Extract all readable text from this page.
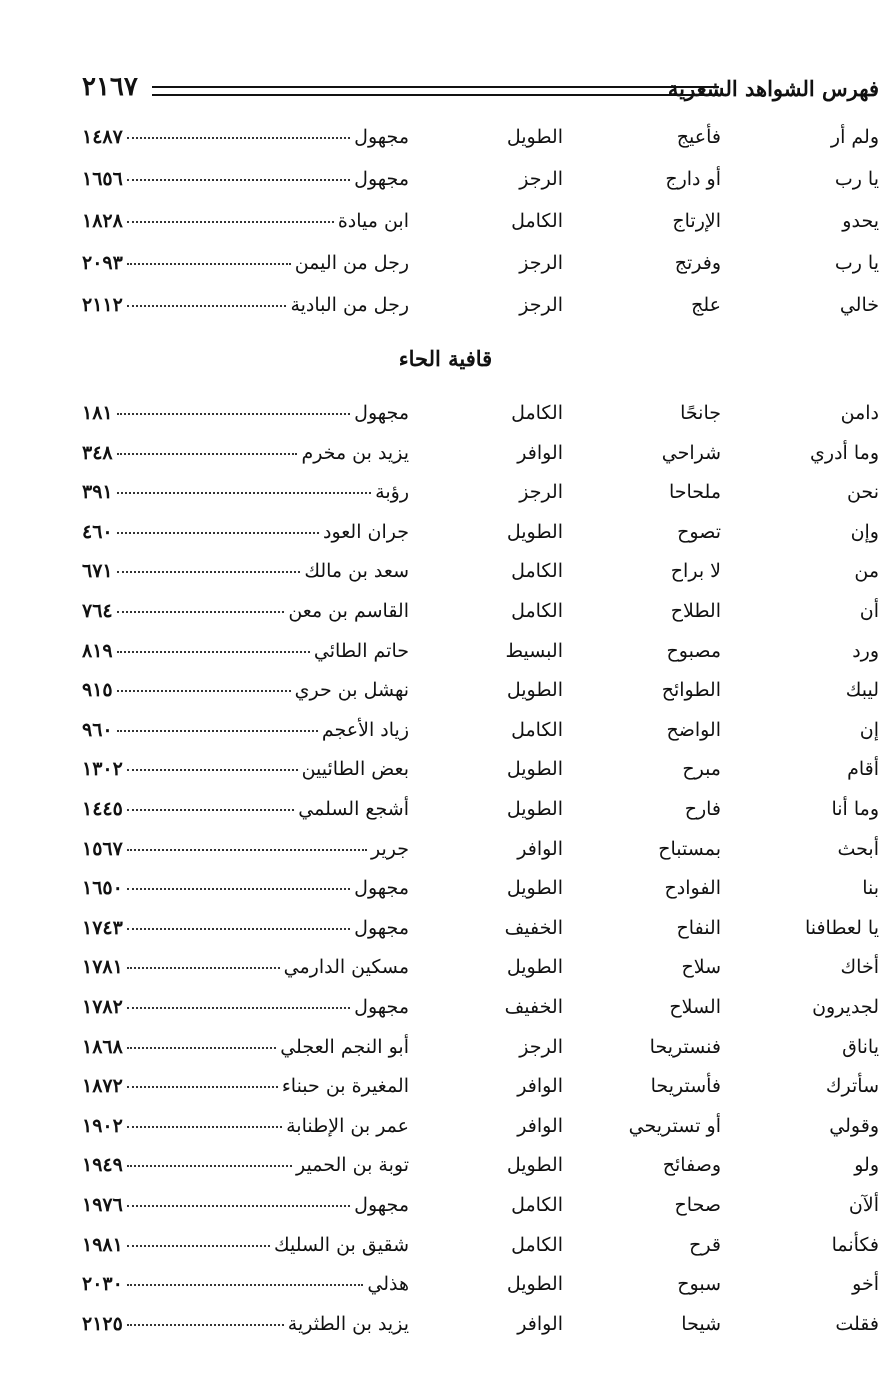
٢١٦٧	فهرس الشواهد الشعرية
ولم أر
فأعيج
الطويل
مجهول
١٤٨٧
يا رب
أو دارج
الرجز
مجهول
١٦٥٦
يحدو
الإرتاج
الكامل
ابن ميادة
١٨٢٨
يا رب
وفرتج
الرجز
رجل من اليمن
٢٠٩٣
خالي
علج
الرجز
رجل من البادية
٢١١٢
قافية الحاء
دامن
جانحًا
الكامل
مجهول
١٨١
وما أدري
شراحي
الوافر
يزيد بن مخرم
٣٤٨
نحن
ملحاحا
الرجز
رؤبة
٣٩١
وإن
تصوح
الطويل
جران العود
٤٦٠
من
لا براح
الكامل
سعد بن مالك
٦٧١
أن
الطلاح
الكامل
القاسم بن معن
٧٦٤
ورد
مصبوح
البسيط
حاتم الطائي
٨١٩
ليبك
الطوائح
الطويل
نهشل بن حري
٩١٥
إن
الواضح
الكامل
زياد الأعجم
٩٦٠
أقام
مبرح
الطويل
بعض الطائيين
١٣٠٢
وما أنا
فارح
الطويل
أشجع السلمي
١٤٤٥
أبحث
بمستباح
الوافر
جرير
١٥٦٧
بنا
الفوادح
الطويل
مجهول
١٦٥٠
يا لعطافنا
النفاح
الخفيف
مجهول
١٧٤٣
أخاك
سلاح
الطويل
مسكين الدارمي
١٧٨١
لجديرون
السلاح
الخفيف
مجهول
١٧٨٢
ياناق
فنستريحا
الرجز
أبو النجم العجلي
١٨٦٨
سأترك
فأستريحا
الوافر
المغيرة بن حبناء
١٨٧٢
وقولي
أو تستريحي
الوافر
عمر بن الإطنابة
١٩٠٢
ولو
وصفائح
الطويل
توبة بن الحمير
١٩٤٩
ألآن
صحاح
الكامل
مجهول
١٩٧٦
فكأنما
قرح
الكامل
شقيق بن السليك
١٩٨١
أخو
سبوح
الطويل
هذلي
٢٠٣٠
فقلت
شيحا
الوافر
يزيد بن الطثرية
٢١٢٥
